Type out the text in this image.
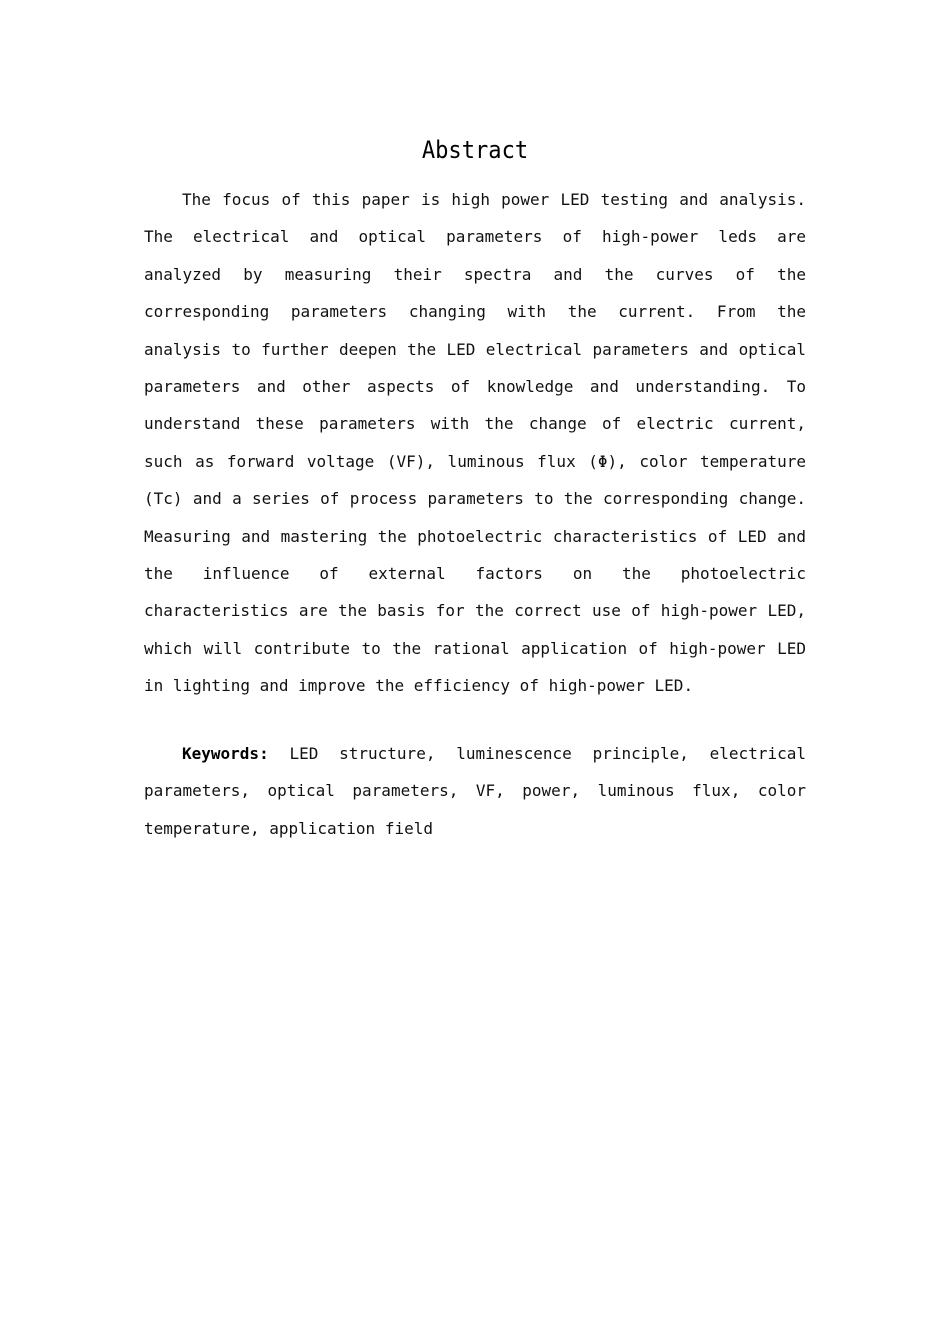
Abstract

The focus of this paper is high power LED testing and analysis. The electrical and optical parameters of high-power leds are analyzed by measuring their spectra and the curves of the corresponding parameters changing with the current. From the analysis to further deepen the LED electrical parameters and optical parameters and other aspects of knowledge and understanding. To understand these parameters with the change of electric current, such as forward voltage (VF), luminous flux (Φ), color temperature (Tc) and a series of process parameters to the corresponding change. Measuring and mastering the photoelectric characteristics of LED and the influence of external factors on the photoelectric characteristics are the basis for the correct use of high-power LED, which will contribute to the rational application of high-power LED in lighting and improve the efficiency of high-power LED.

Keywords: LED structure, luminescence principle, electrical parameters, optical parameters, VF, power, luminous flux, color temperature, application field
